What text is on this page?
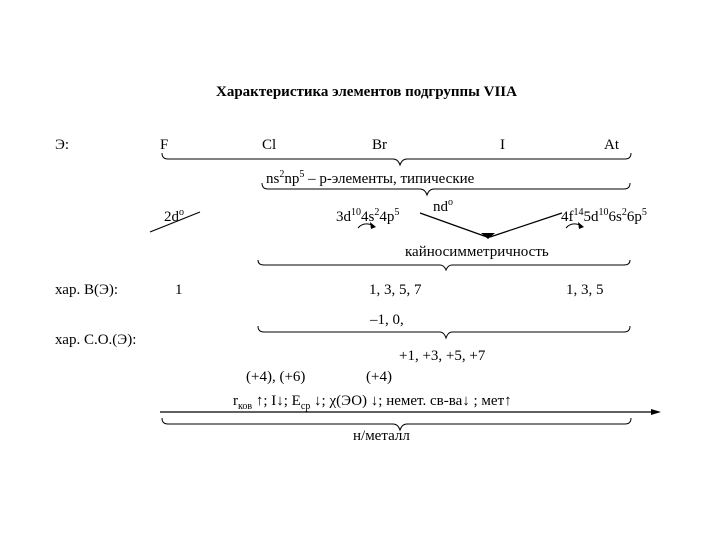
Характеристика элементов подгруппы VIIA
Э:	F	Cl	Br	I	At
$ns^2np^5$ – р-элементы, типические
$2d^o$	$3d^{10}4s^24p^5$ $nd^o$
$4f^{14}5d^{10}6s^26p^5$
кайносимметричность
хар. В(Э):	1	1, 3, 5, 7	1, 3, 5
–1, 0,
хар. С.О.(Э):
+1, +3, +5, +7
(+4), (+6)	(+4)
$r_{ков}$ ↑; I↓; $E_{ср}$ ↓; χ(ЭО) ↓; немет. св-ва↓ ; мет↑
н/металл
